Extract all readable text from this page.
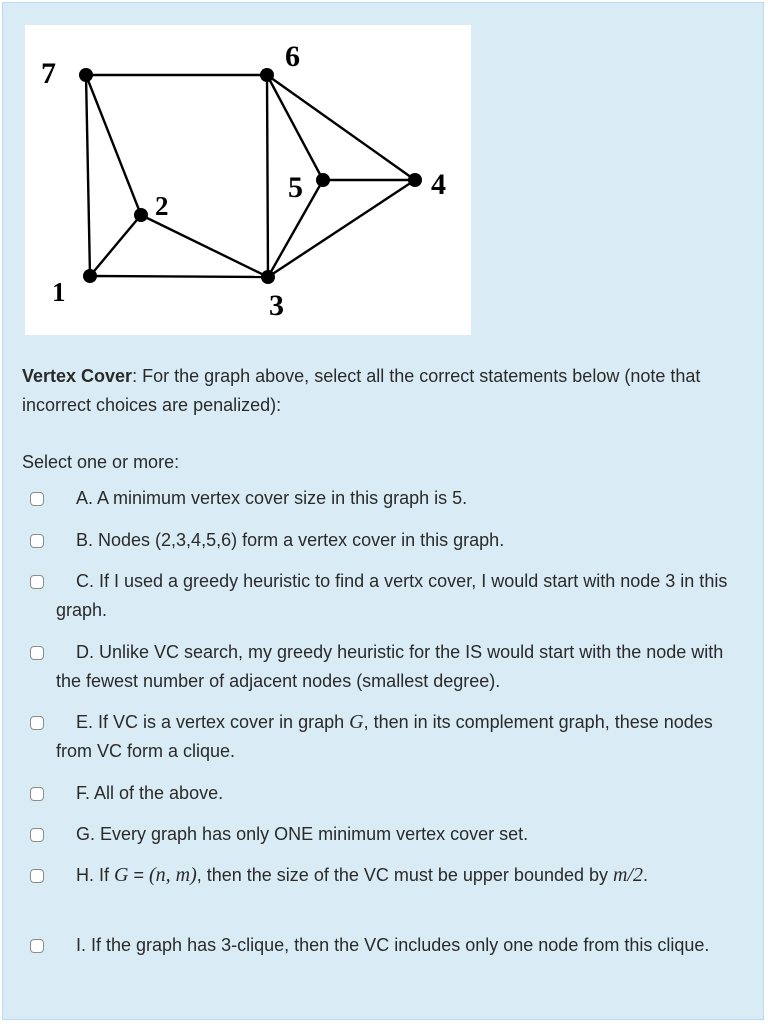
7
6
5	4
2
1	3
Vertex Cover: For the graph above, select all the correct statements below (note that incorrect choices are penalized):
Select one or more:
A. A minimum vertex cover size in this graph is 5.
B. Nodes (2,3,4,5,6) form a vertex cover in this graph.
C. If I used a greedy heuristic to find a vertx cover, I would start with node 3 in this graph.
D. Unlike VC search, my greedy heuristic for the IS would start with the node with the fewest number of adjacent nodes (smallest degree).
E. If VC is a vertex cover in graph G, then in its complement graph, these nodes from VC form a clique.
F. All of the above.
G. Every graph has only ONE minimum vertex cover set.
H. If G = (n, m), then the size of the VC must be upper bounded by m/2.
I. If the graph has 3-clique, then the VC includes only one node from this clique.
